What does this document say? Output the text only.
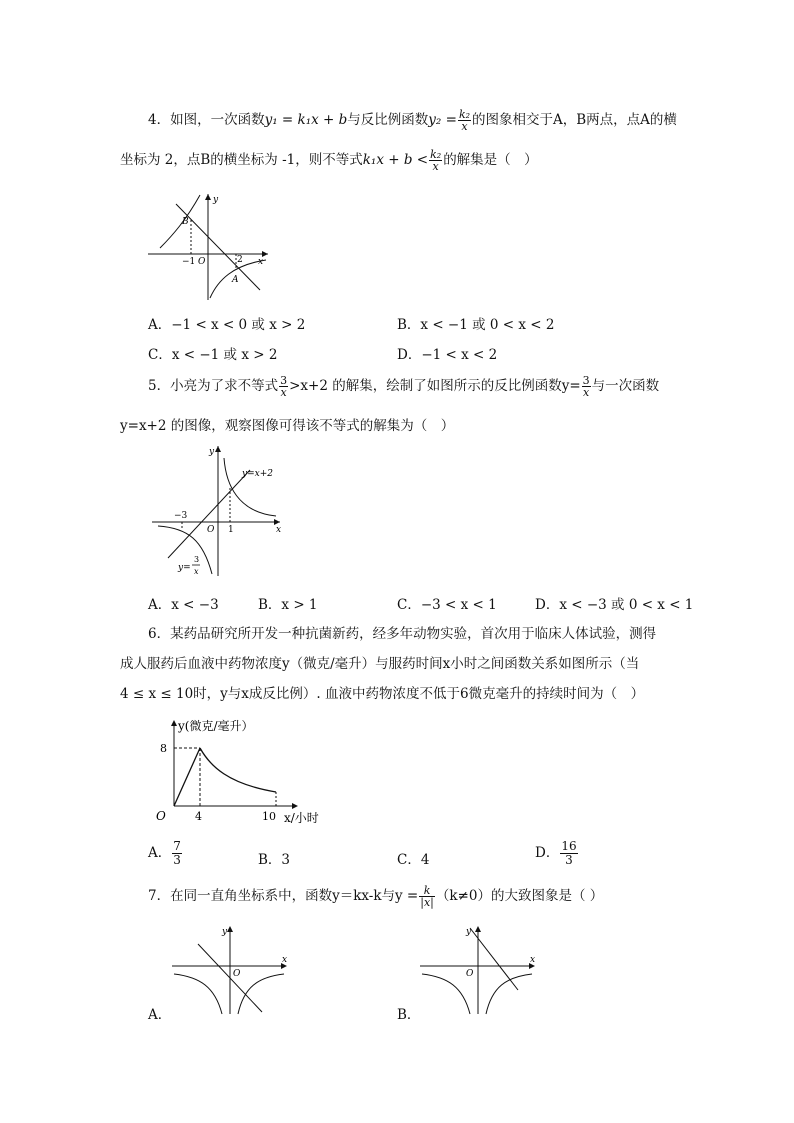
4．如图，一次函数y₁ = k₁x + b与反比例函数$y_2 = \frac{\text{k₂}}{x}$ 的图象相交于A，B两点，点A的横
坐标为 2，点B的横坐标为 -1，则不等式$k_1x + b < \frac{\text{k₂}}{x}$ 的解集是（　）
B
A
O
y
x
−1	2
A．−1 < x < 0 或 x > 2	B．x < −1 或 0 < x < 2
C．x < −1 或 x > 2	D．−1 < x < 2
5．小亮为了求不等式 $\frac{3}{x} >x+2$ 的解集，绘制了如图所示的反比例函数$y= \frac{3}{x}$ 与一次函数
y=x+2 的图像，观察图像可得该不等式的解集为（　）
y
x
O
−3
1
y=x+2
y=
3
x
A．x < −3	B．x > 1	C．−3 < x < 1	D．x < −3 或 0 < x < 1
6．某药品研究所开发一种抗菌新药，经多年动物实验，首次用于临床人体试验，测得
成人服药后血液中药物浓度y（微克/毫升）与服药时间x小时之间函数关系如图所示（当
4 ≤ x ≤ 10时，y与x成反比例）. 血液中药物浓度不低于6微克毫升的持续时间为（　）
y(微克/毫升）
x/小时
O
8
4	10
A． $\frac{7}{3}$	B．3	C．4	D． $\frac{16}{3}$
7．在同一直角坐标系中，函数y＝kx-k与$y = \frac{k}{|x|} (k\ne 0)$的大致图象是（ ）
y
x
O
A．
y
x
O
B．
